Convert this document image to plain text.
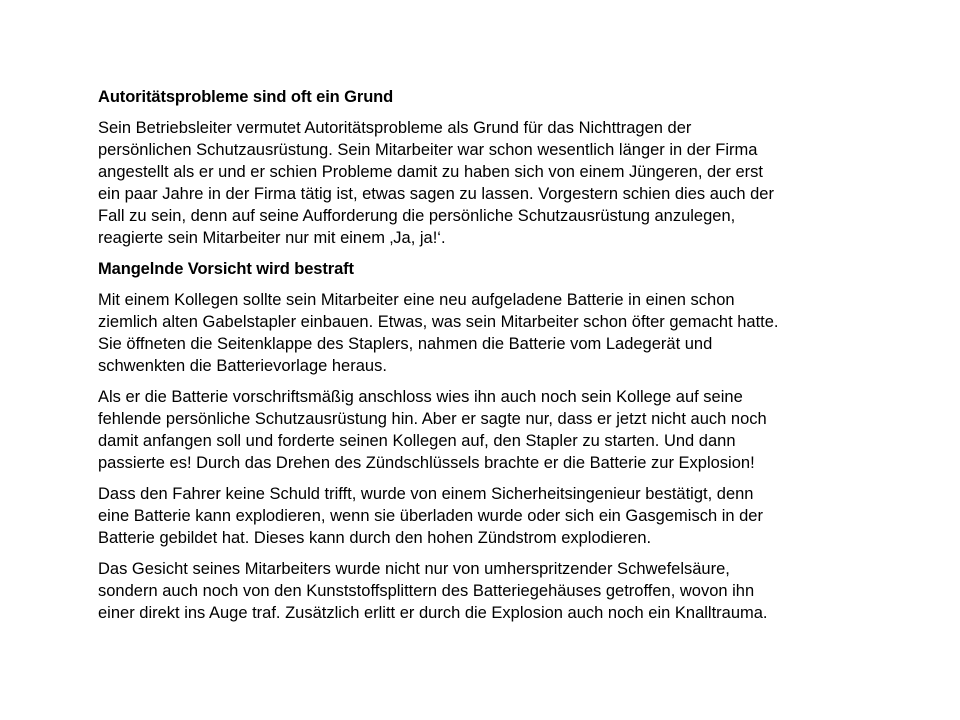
Autoritätsprobleme sind oft ein Grund
Sein Betriebsleiter vermutet Autoritätsprobleme als Grund für das Nichttragen der
persönlichen Schutzausrüstung. Sein Mitarbeiter war schon wesentlich länger in der Firma
angestellt als er und er schien Probleme damit zu haben sich von einem Jüngeren, der erst
ein paar Jahre in der Firma tätig ist, etwas sagen zu lassen. Vorgestern schien dies auch der
Fall zu sein, denn auf seine Aufforderung die persönliche Schutzausrüstung anzulegen,
reagierte sein Mitarbeiter nur mit einem ‚Ja, ja!‘.
Mangelnde Vorsicht wird bestraft
Mit einem Kollegen sollte sein Mitarbeiter eine neu aufgeladene Batterie in einen schon
ziemlich alten Gabelstapler einbauen. Etwas, was sein Mitarbeiter schon öfter gemacht hatte.
Sie öffneten die Seitenklappe des Staplers, nahmen die Batterie vom Ladegerät und
schwenkten die Batterievorlage heraus.
Als er die Batterie vorschriftsmäßig anschloss wies ihn auch noch sein Kollege auf seine
fehlende persönliche Schutzausrüstung hin. Aber er sagte nur, dass er jetzt nicht auch noch
damit anfangen soll und forderte seinen Kollegen auf, den Stapler zu starten. Und dann
passierte es! Durch das Drehen des Zündschlüssels brachte er die Batterie zur Explosion!
Dass den Fahrer keine Schuld trifft, wurde von einem Sicherheitsingenieur bestätigt, denn
eine Batterie kann explodieren, wenn sie überladen wurde oder sich ein Gasgemisch in der
Batterie gebildet hat. Dieses kann durch den hohen Zündstrom explodieren.
Das Gesicht seines Mitarbeiters wurde nicht nur von umherspritzender Schwefelsäure,
sondern auch noch von den Kunststoffsplittern des Batteriegehäuses getroffen, wovon ihn
einer direkt ins Auge traf. Zusätzlich erlitt er durch die Explosion auch noch ein Knalltrauma.
